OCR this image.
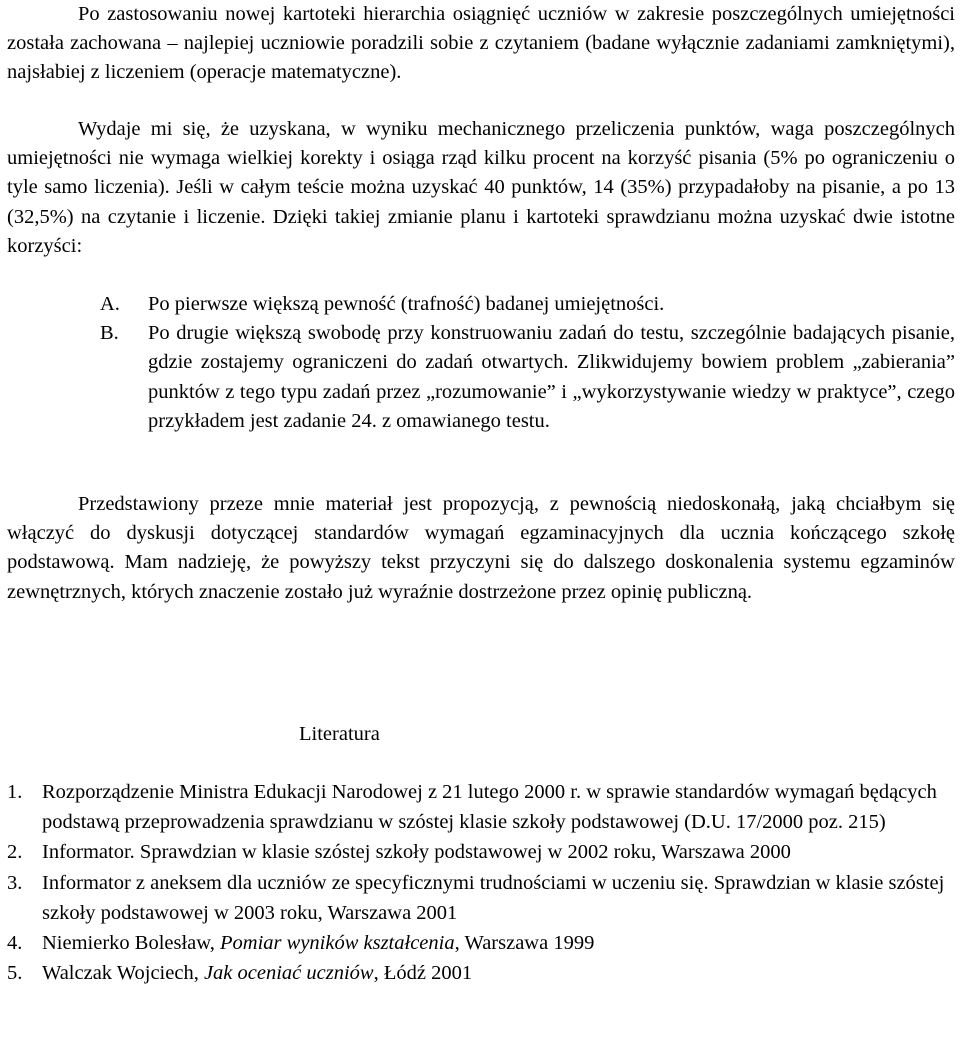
Po zastosowaniu nowej kartoteki hierarchia osiągnięć uczniów w zakresie poszczególnych umiejętności została zachowana – najlepiej uczniowie poradzili sobie z czytaniem (badane wyłącznie zadaniami zamkniętymi), najsłabiej z liczeniem (operacje matematyczne).

Wydaje mi się, że uzyskana, w wyniku mechanicznego przeliczenia punktów, waga poszczególnych umiejętności nie wymaga wielkiej korekty i osiąga rząd kilku procent na korzyść pisania (5% po ograniczeniu o tyle samo liczenia). Jeśli w całym teście można uzyskać 40 punktów, 14 (35%) przypadałoby na pisanie, a po 13 (32,5%) na czytanie i liczenie. Dzięki takiej zmianie planu i kartoteki sprawdzianu można uzyskać dwie istotne korzyści:

A.	Po pierwsze większą pewność (trafność) badanej umiejętności.
B.	Po drugie większą swobodę przy konstruowaniu zadań do testu, szczególnie badających pisanie, gdzie zostajemy ograniczeni do zadań otwartych. Zlikwidujemy bowiem problem „zabierania” punktów z tego typu zadań przez „rozumowanie” i „wykorzystywanie wiedzy w praktyce”, czego przykładem jest zadanie 24. z omawianego testu.

Przedstawiony przeze mnie materiał jest propozycją, z pewnością niedoskonałą, jaką chciałbym się włączyć do dyskusji dotyczącej standardów wymagań egzaminacyjnych dla ucznia kończącego szkołę podstawową. Mam nadzieję, że powyższy tekst przyczyni się do dalszego doskonalenia systemu egzaminów zewnętrznych, których znaczenie zostało już wyraźnie dostrzeżone przez opinię publiczną.

Literatura
1. Rozporządzenie Ministra Edukacji Narodowej z 21 lutego 2000 r. w sprawie standardów wymagań będących podstawą przeprowadzenia sprawdzianu w szóstej klasie szkoły podstawowej (D.U. 17/2000 poz. 215)
2. Informator. Sprawdzian w klasie szóstej szkoły podstawowej w 2002 roku, Warszawa 2000
3. Informator z aneksem dla uczniów ze specyficznymi trudnościami w uczeniu się. Sprawdzian w klasie szóstej szkoły podstawowej w 2003 roku, Warszawa 2001
4. Niemierko Bolesław, Pomiar wyników kształcenia, Warszawa 1999
5. Walczak Wojciech, Jak oceniać uczniów, Łódź 2001
